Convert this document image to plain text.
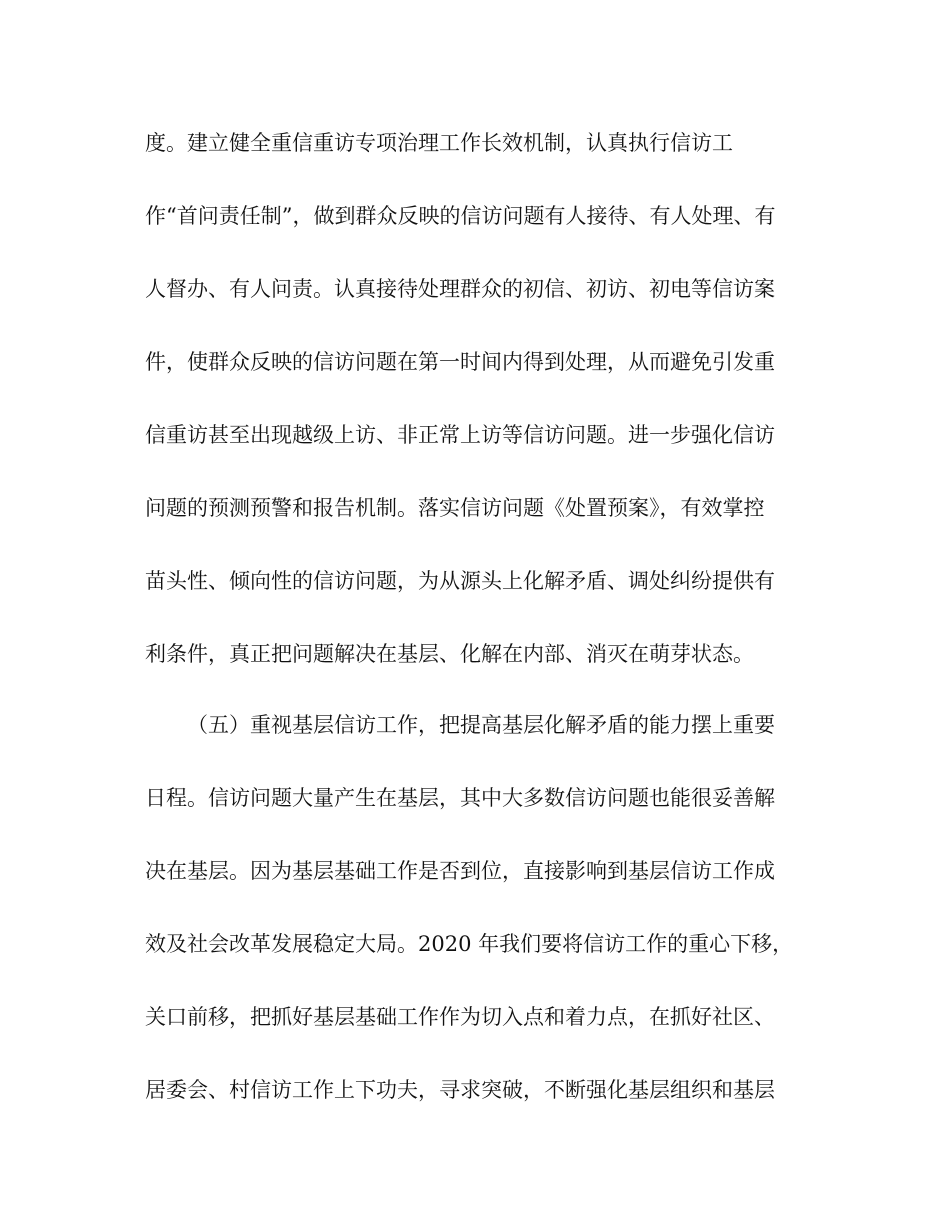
度。建立健全重信重访专项治理工作长效机制，认真执行信访工
作“首问责任制”，做到群众反映的信访问题有人接待、有人处理、有
人督办、有人问责。认真接待处理群众的初信、初访、初电等信访案
件，使群众反映的信访问题在第一时间内得到处理，从而避免引发重
信重访甚至出现越级上访、非正常上访等信访问题。进一步强化信访
问题的预测预警和报告机制。落实信访问题《处置预案》，有效掌控
苗头性、倾向性的信访问题，为从源头上化解矛盾、调处纠纷提供有
利条件，真正把问题解决在基层、化解在内部、消灭在萌芽状态。
（五）重视基层信访工作，把提高基层化解矛盾的能力摆上重要
日程。信访问题大量产生在基层，其中大多数信访问题也能很妥善解
决在基层。因为基层基础工作是否到位，直接影响到基层信访工作成
效及社会改革发展稳定大局。2020 年我们要将信访工作的重心下移，
关口前移，把抓好基层基础工作作为切入点和着力点，在抓好社区、
居委会、村信访工作上下功夫，寻求突破，不断强化基层组织和基层
